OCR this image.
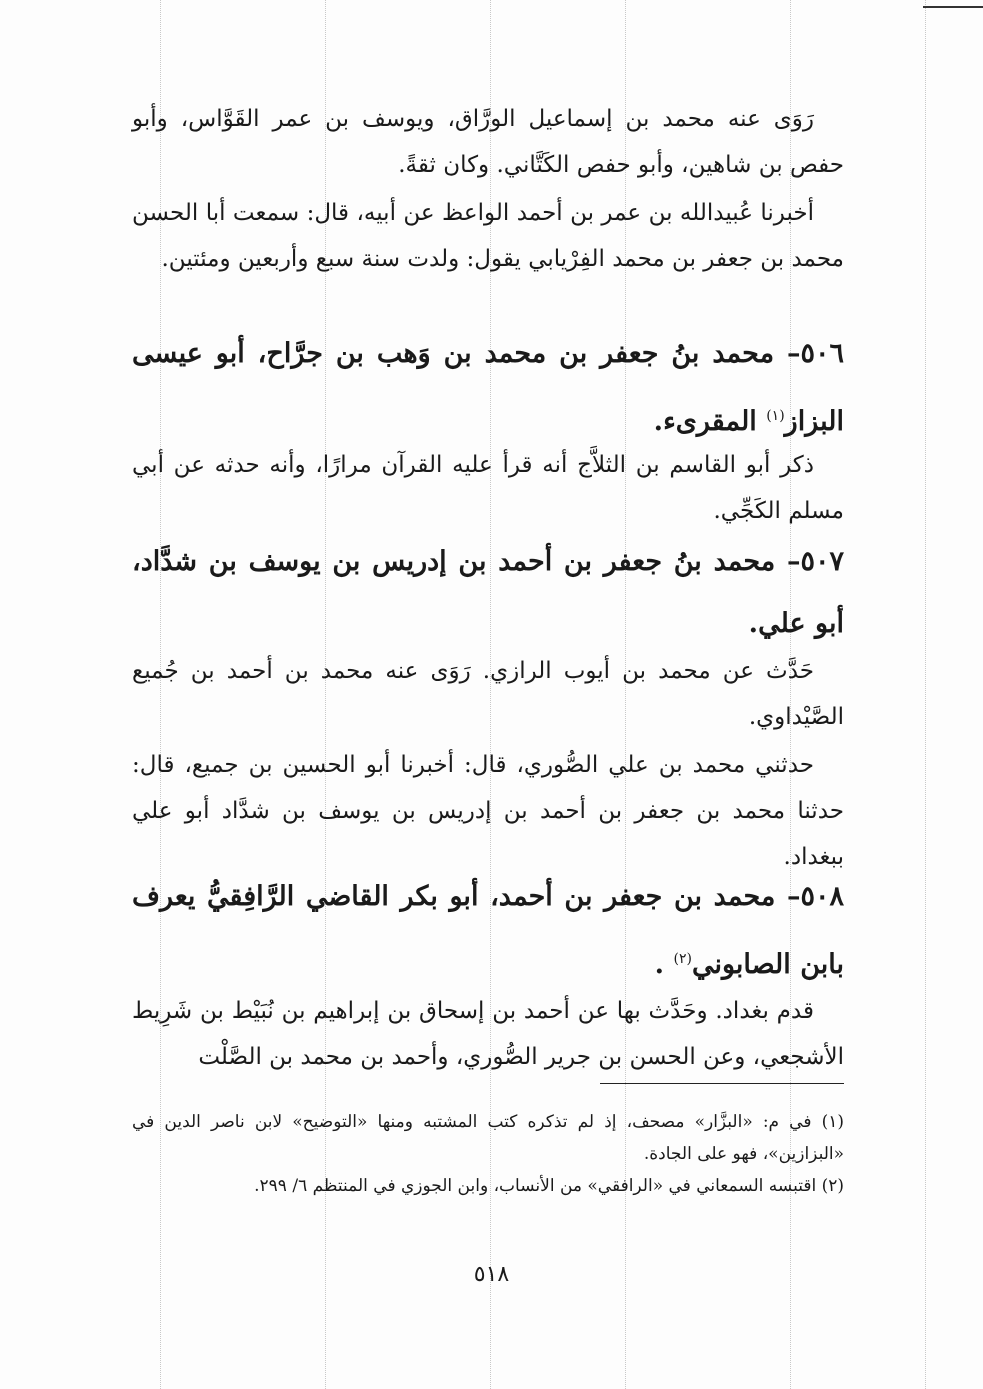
رَوَى عنه محمد بن إسماعيل الورَّاق، ويوسف بن عمر القَوَّاس، وأبو حفص بن شاهين، وأبو حفص الكَتَّاني. وكان ثقةً.

أخبرنا عُبيدالله بن عمر بن أحمد الواعظ عن أبيه، قال: سمعت أبا الحسن محمد بن جعفر بن محمد الفِرْيابي يقول: ولدت سنة سبع وأربعين ومئتين.

٥٠٦– محمد بنُ جعفر بن محمد بن وَهب بن جرَّاح، أبو عيسى البزاز$^{(١)}$ المقرىء.

ذكر أبو القاسم بن الثلاَّج أنه قرأ عليه القرآن مرارًا، وأنه حدثه عن أبي مسلم الكَجِّي.

٥٠٧– محمد بنُ جعفر بن أحمد بن إدريس بن يوسف بن شدَّاد، أبو علي.

حَدَّث عن محمد بن أيوب الرازي. رَوَى عنه محمد بن أحمد بن جُميع الصَّيْداوي.

حدثني محمد بن علي الصُّوري، قال: أخبرنا أبو الحسين بن جميع، قال: حدثنا محمد بن جعفر بن أحمد بن إدريس بن يوسف بن شدَّاد أبو علي ببغداد.

٥٠٨– محمد بن جعفر بن أحمد، أبو بكر القاضي الرَّافِقيُّ يعرف بابن الصابوني$^{(٢)}$ .

قدم بغداد. وحَدَّث بها عن أحمد بن إسحاق بن إبراهيم بن نُبَيْط بن شَرِيط الأشجعي، وعن الحسن بن جرير الصُّوري، وأحمد بن محمد بن الصَّلْت

(١) في م: «البزَّار» مصحف، إذ لم تذكره كتب المشتبه ومنها «التوضيح» لابن ناصر الدين في «البزازين»، فهو على الجادة.

(٢) اقتبسه السمعاني في «الرافقي» من الأنساب، وابن الجوزي في المنتظم ٦/ ٢٩٩.

٥١٨
